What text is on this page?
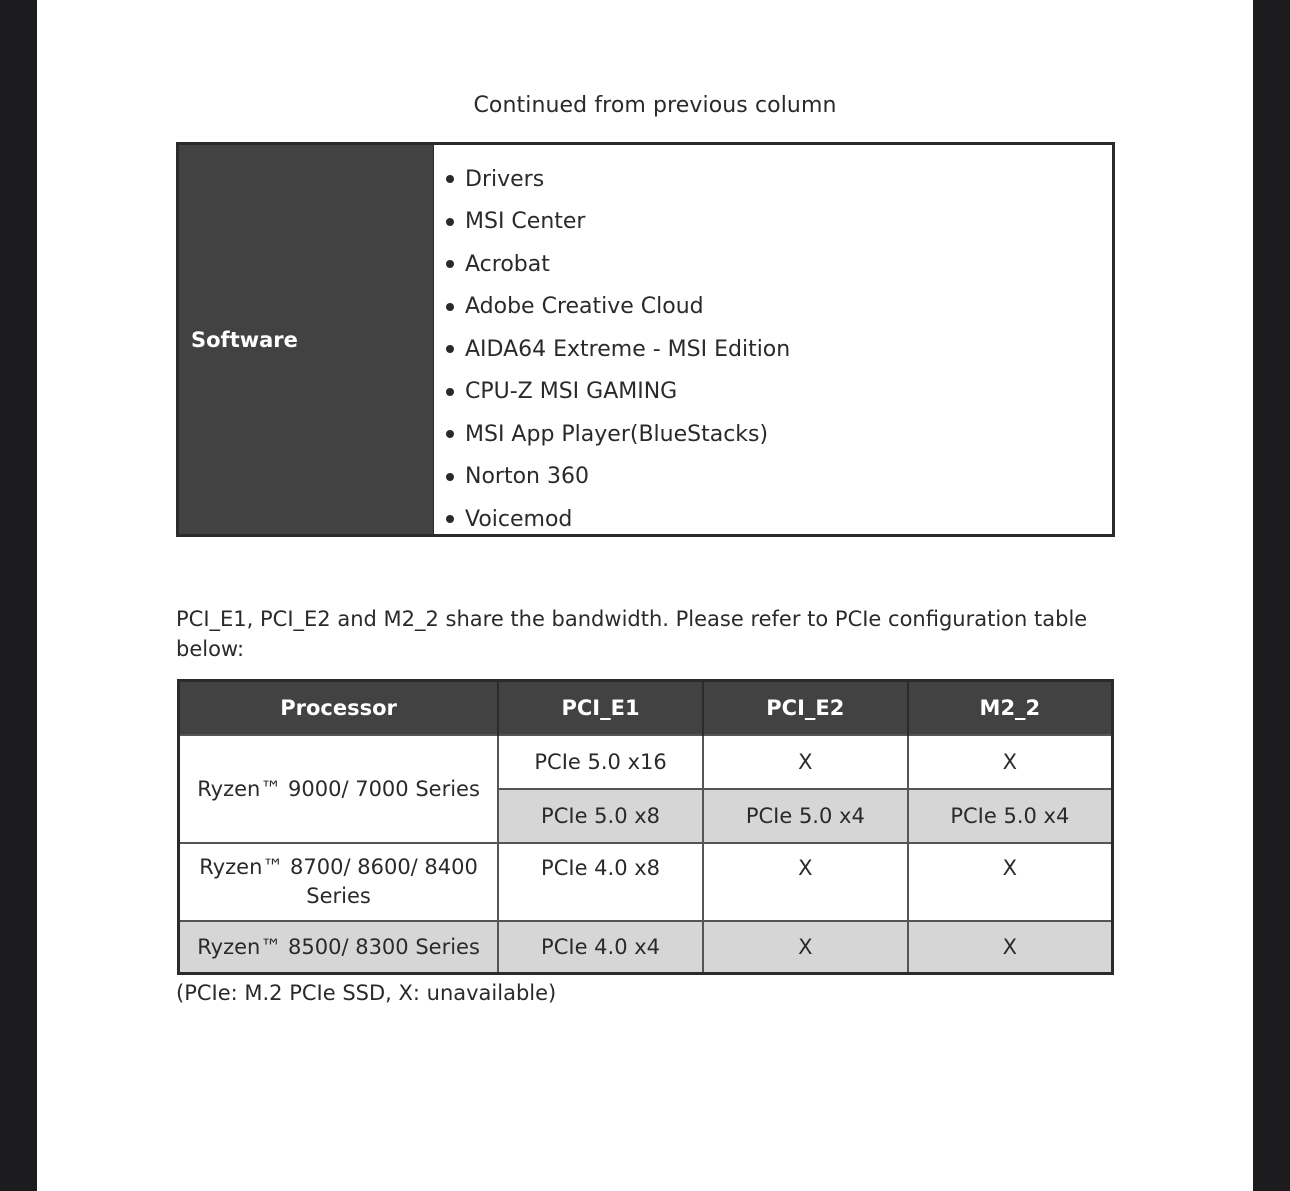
Continued from previous column
Software
Drivers
MSI Center
Acrobat
Adobe Creative Cloud
AIDA64 Extreme - MSI Edition
CPU-Z MSI GAMING
MSI App Player(BlueStacks)
Norton 360
Voicemod
PCI_E1, PCI_E2 and M2_2 share the bandwidth. Please refer to PCIe configuration table below:
Processor	PCI_E1	PCI_E2	M2_2
Ryzen™ 9000/ 7000 Series	PCIe 5.0 x16	X	X
	PCIe 5.0 x8	PCIe 5.0 x4	PCIe 5.0 x4
Ryzen™ 8700/ 8600/ 8400 Series	PCIe 4.0 x8	X	X
Ryzen™ 8500/ 8300 Series	PCIe 4.0 x4	X	X
(PCIe: M.2 PCIe SSD, X: unavailable)
